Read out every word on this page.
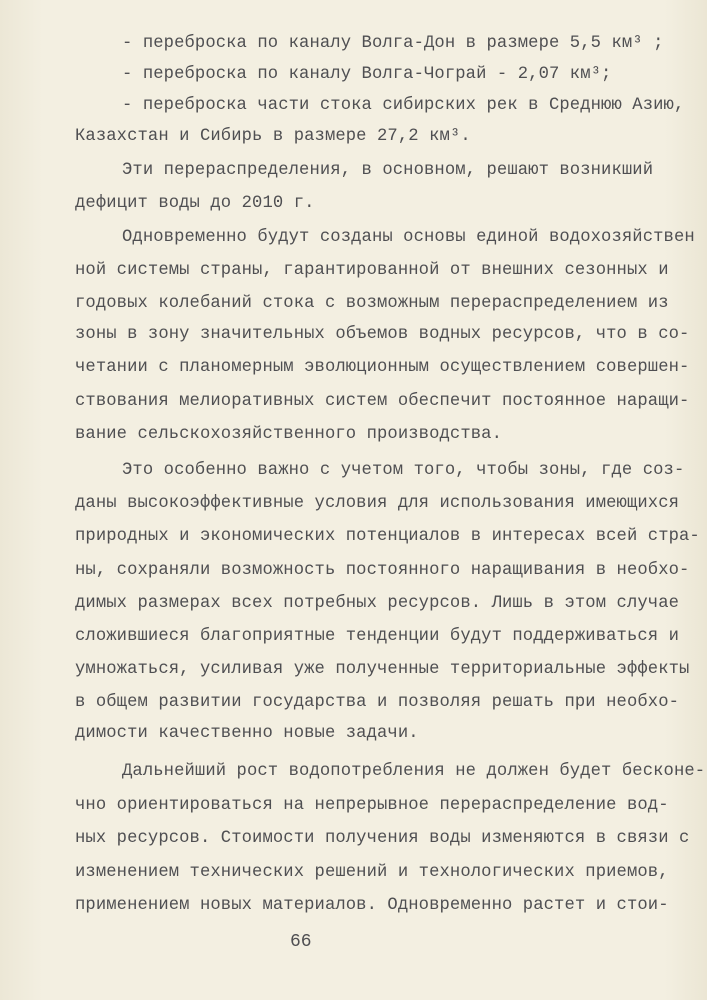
- переброска по каналу Волга-Дон в размере 5,5 км³ ;
- переброска по каналу Волга-Чограй - 2,07 км³;
- переброска части стока сибирских рек в Среднюю Азию,
Казахстан и Сибирь в размере 27,2 км³.
Эти перераспределения, в основном, решают возникший
дефицит воды до 2010 г.
Одновременно будут созданы основы единой водохозяйствен
ной системы страны, гарантированной от внешних сезонных и
годовых колебаний стока с возможным перераспределением из
зоны в зону значительных объемов водных ресурсов, что в со-
четании с планомерным эволюционным осуществлением совершен-
ствования мелиоративных систем обеспечит постоянное наращи-
вание сельскохозяйственного производства.
Это особенно важно с учетом того, чтобы зоны, где соз-
даны высокоэффективные условия для использования имеющихся
природных и экономических потенциалов в интересах всей стра-
ны, сохраняли возможность постоянного наращивания в необхо-
димых размерах всех потребных ресурсов. Лишь в этом случае
сложившиеся благоприятные тенденции будут поддерживаться и
умножаться, усиливая уже полученные территориальные эффекты
в общем развитии государства и позволяя решать при необхо-
димости качественно новые задачи.
Дальнейший рост водопотребления не должен будет бесконе-
чно ориентироваться на непрерывное перераспределение вод-
ных ресурсов. Стоимости получения воды изменяются в связи с
изменением технических решений и технологических приемов,
применением новых материалов. Одновременно растет и стои-
66
